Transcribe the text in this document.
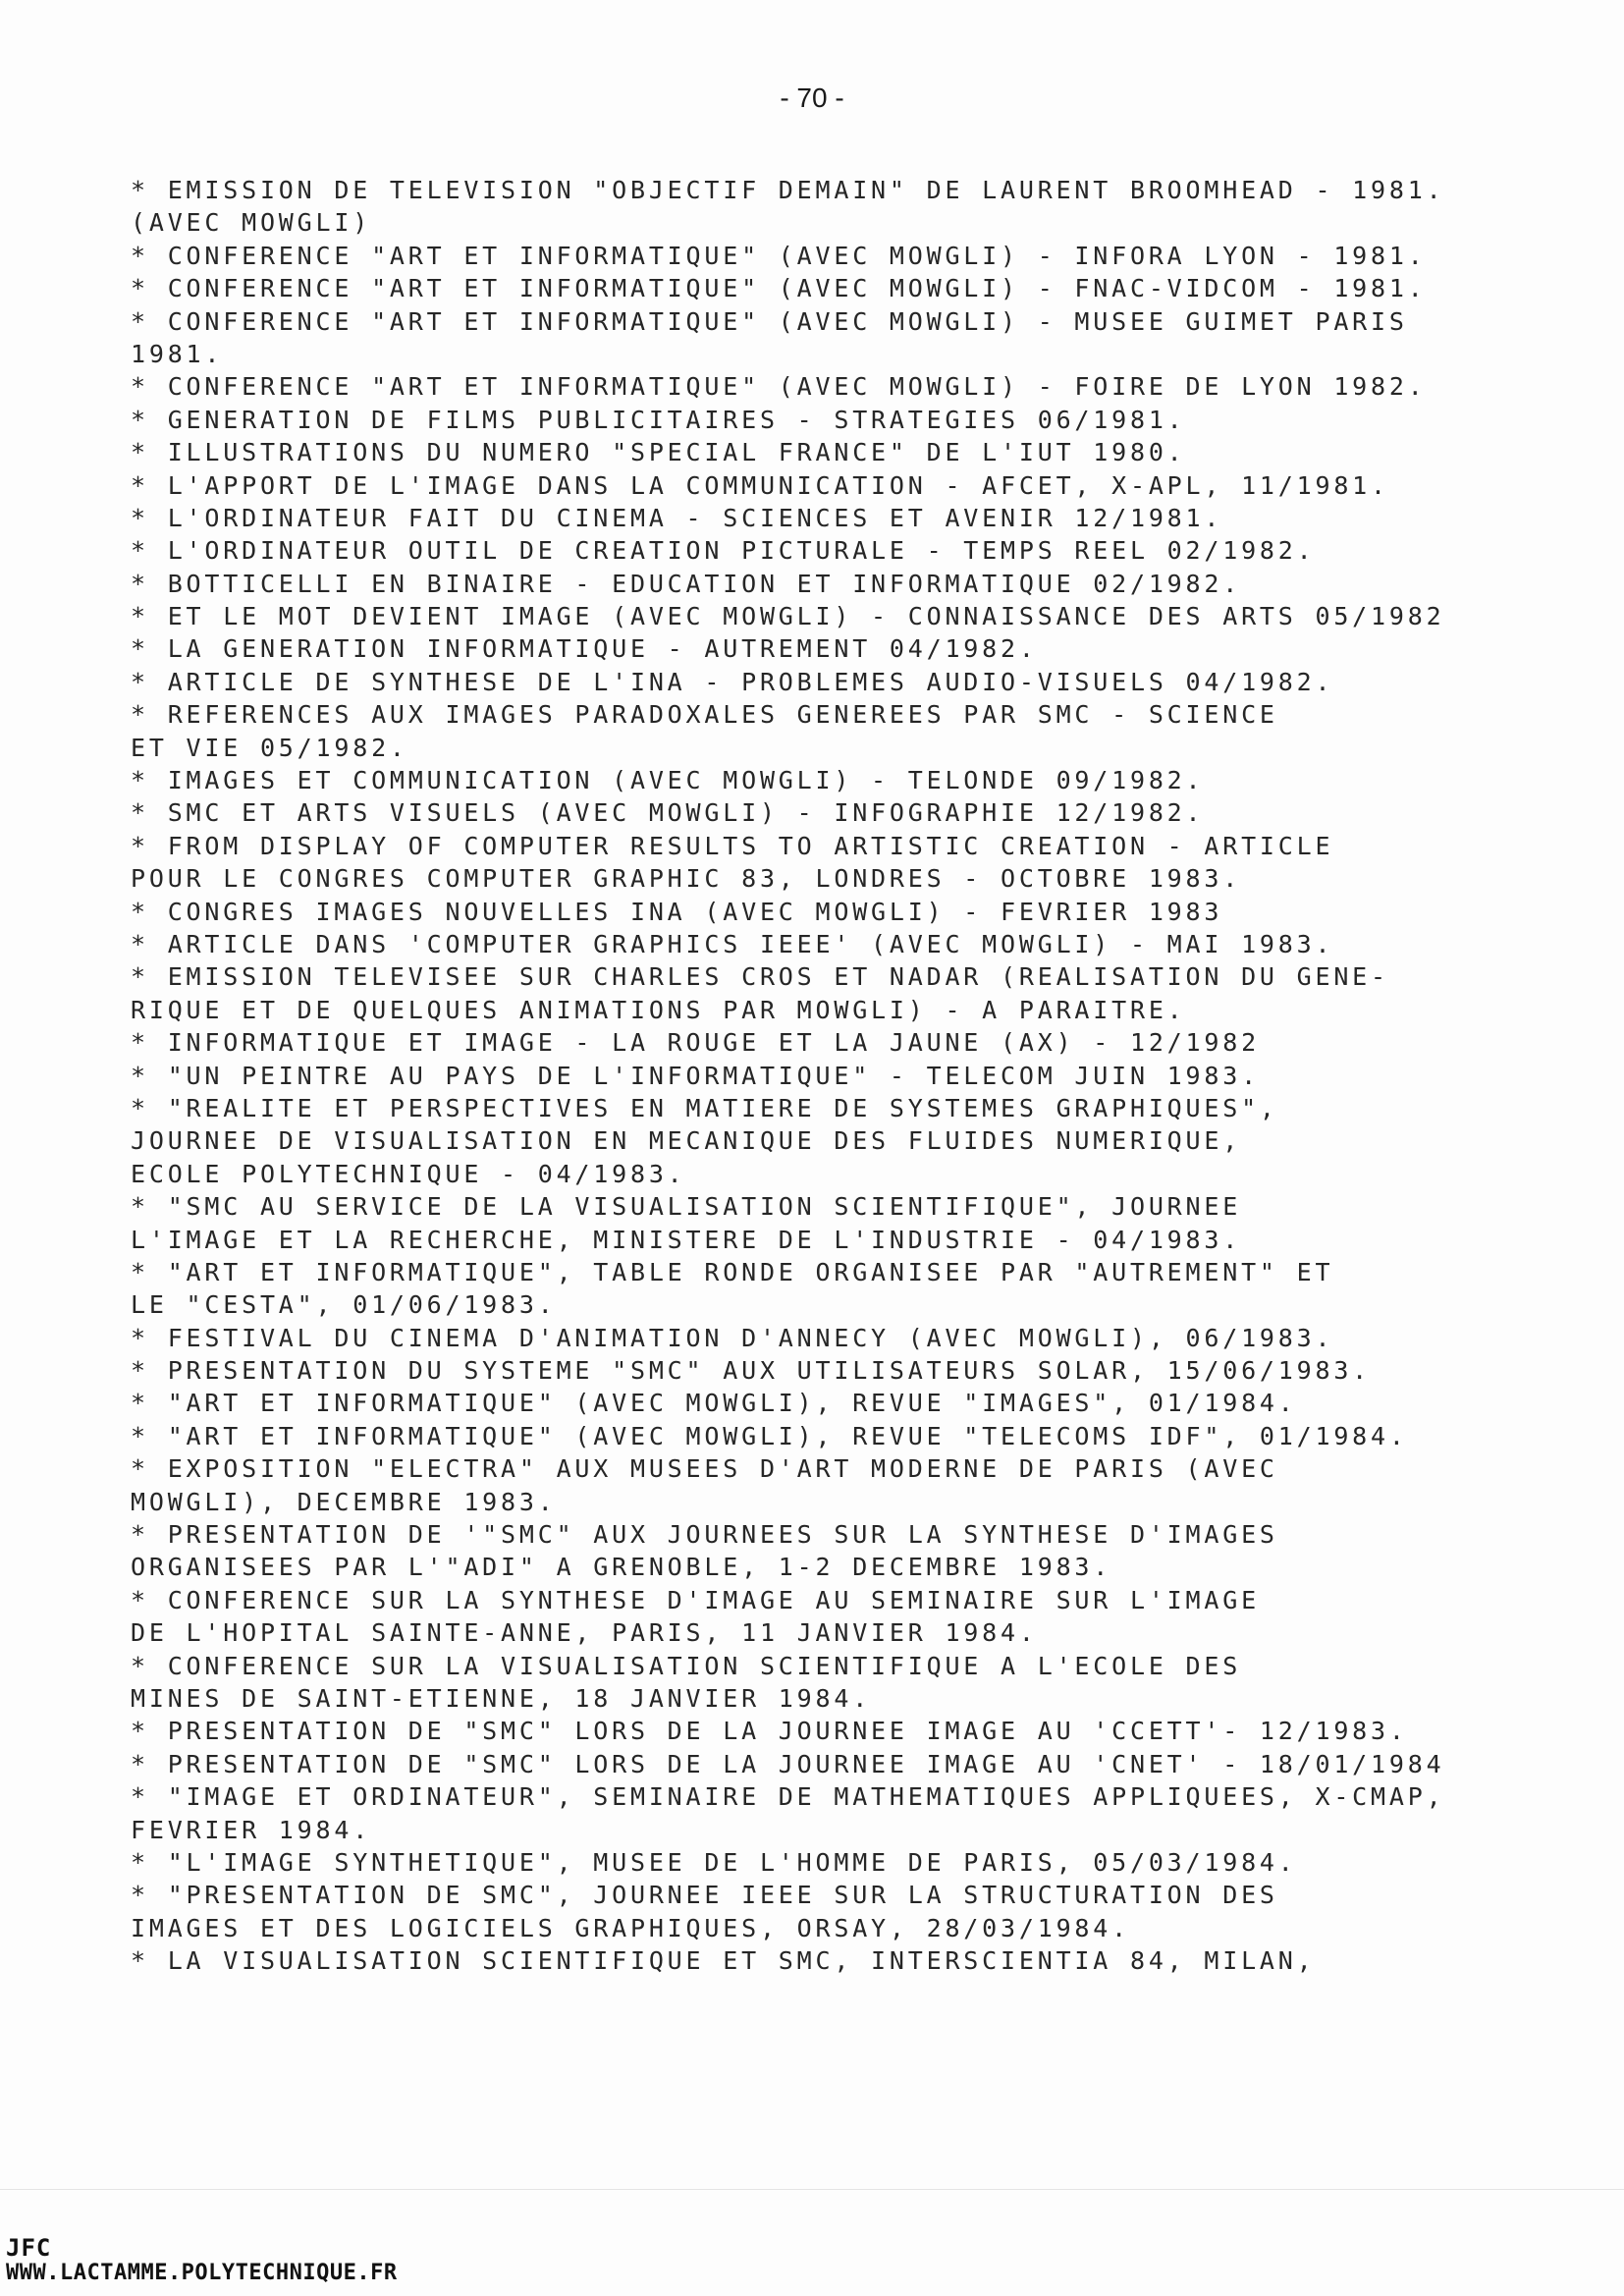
- 70 -
* EMISSION DE TELEVISION "OBJECTIF DEMAIN" DE LAURENT BROOMHEAD - 1981.
(AVEC MOWGLI)
* CONFERENCE "ART ET INFORMATIQUE" (AVEC MOWGLI) - INFORA LYON - 1981.
* CONFERENCE "ART ET INFORMATIQUE" (AVEC MOWGLI) - FNAC-VIDCOM - 1981.
* CONFERENCE "ART ET INFORMATIQUE" (AVEC MOWGLI) - MUSEE GUIMET PARIS
1981.
* CONFERENCE "ART ET INFORMATIQUE" (AVEC MOWGLI) - FOIRE DE LYON 1982.
* GENERATION DE FILMS PUBLICITAIRES - STRATEGIES 06/1981.
* ILLUSTRATIONS DU NUMERO "SPECIAL FRANCE" DE L'IUT 1980.
* L'APPORT DE L'IMAGE DANS LA COMMUNICATION - AFCET, X-APL, 11/1981.
* L'ORDINATEUR FAIT DU CINEMA - SCIENCES ET AVENIR 12/1981.
* L'ORDINATEUR OUTIL DE CREATION PICTURALE - TEMPS REEL 02/1982.
* BOTTICELLI EN BINAIRE - EDUCATION ET INFORMATIQUE 02/1982.
* ET LE MOT DEVIENT IMAGE (AVEC MOWGLI) - CONNAISSANCE DES ARTS 05/1982
* LA GENERATION INFORMATIQUE - AUTREMENT 04/1982.
* ARTICLE DE SYNTHESE DE L'INA - PROBLEMES AUDIO-VISUELS 04/1982.
* REFERENCES AUX IMAGES PARADOXALES GENEREES PAR SMC - SCIENCE
ET VIE 05/1982.
* IMAGES ET COMMUNICATION (AVEC MOWGLI) - TELONDE 09/1982.
* SMC ET ARTS VISUELS (AVEC MOWGLI) - INFOGRAPHIE 12/1982.
* FROM DISPLAY OF COMPUTER RESULTS TO ARTISTIC CREATION - ARTICLE
POUR LE CONGRES COMPUTER GRAPHIC 83, LONDRES - OCTOBRE 1983.
* CONGRES IMAGES NOUVELLES INA (AVEC MOWGLI) - FEVRIER 1983
* ARTICLE DANS 'COMPUTER GRAPHICS IEEE' (AVEC MOWGLI) - MAI 1983.
* EMISSION TELEVISEE SUR CHARLES CROS ET NADAR (REALISATION DU GENE-
RIQUE ET DE QUELQUES ANIMATIONS PAR MOWGLI) - A PARAITRE.
* INFORMATIQUE ET IMAGE - LA ROUGE ET LA JAUNE (AX) - 12/1982
* "UN PEINTRE AU PAYS DE L'INFORMATIQUE" - TELECOM JUIN 1983.
* "REALITE ET PERSPECTIVES EN MATIERE DE SYSTEMES GRAPHIQUES",
JOURNEE DE VISUALISATION EN MECANIQUE DES FLUIDES NUMERIQUE,
ECOLE POLYTECHNIQUE - 04/1983.
* "SMC AU SERVICE DE LA VISUALISATION SCIENTIFIQUE", JOURNEE
L'IMAGE ET LA RECHERCHE, MINISTERE DE L'INDUSTRIE - 04/1983.
* "ART ET INFORMATIQUE", TABLE RONDE ORGANISEE PAR "AUTREMENT" ET
LE "CESTA", 01/06/1983.
* FESTIVAL DU CINEMA D'ANIMATION D'ANNECY (AVEC MOWGLI), 06/1983.
* PRESENTATION DU SYSTEME "SMC" AUX UTILISATEURS SOLAR, 15/06/1983.
* "ART ET INFORMATIQUE" (AVEC MOWGLI), REVUE "IMAGES", 01/1984.
* "ART ET INFORMATIQUE" (AVEC MOWGLI), REVUE "TELECOMS IDF", 01/1984.
* EXPOSITION "ELECTRA" AUX MUSEES D'ART MODERNE DE PARIS (AVEC
MOWGLI), DECEMBRE 1983.
* PRESENTATION DE '"SMC" AUX JOURNEES SUR LA SYNTHESE D'IMAGES
ORGANISEES PAR L'"ADI" A GRENOBLE, 1-2 DECEMBRE 1983.
* CONFERENCE SUR LA SYNTHESE D'IMAGE AU SEMINAIRE SUR L'IMAGE
DE L'HOPITAL SAINTE-ANNE, PARIS, 11 JANVIER 1984.
* CONFERENCE SUR LA VISUALISATION SCIENTIFIQUE A L'ECOLE DES
MINES DE SAINT-ETIENNE, 18 JANVIER 1984.
* PRESENTATION DE "SMC" LORS DE LA JOURNEE IMAGE AU 'CCETT'- 12/1983.
* PRESENTATION DE "SMC" LORS DE LA JOURNEE IMAGE AU 'CNET' - 18/01/1984
* "IMAGE ET ORDINATEUR", SEMINAIRE DE MATHEMATIQUES APPLIQUEES, X-CMAP,
FEVRIER 1984.
* "L'IMAGE SYNTHETIQUE", MUSEE DE L'HOMME DE PARIS, 05/03/1984.
* "PRESENTATION DE SMC", JOURNEE IEEE SUR LA STRUCTURATION DES
IMAGES ET DES LOGICIELS GRAPHIQUES, ORSAY, 28/03/1984.
* LA VISUALISATION SCIENTIFIQUE ET SMC, INTERSCIENTIA 84, MILAN,
JFC
WWW.LACTAMME.POLYTECHNIQUE.FR
